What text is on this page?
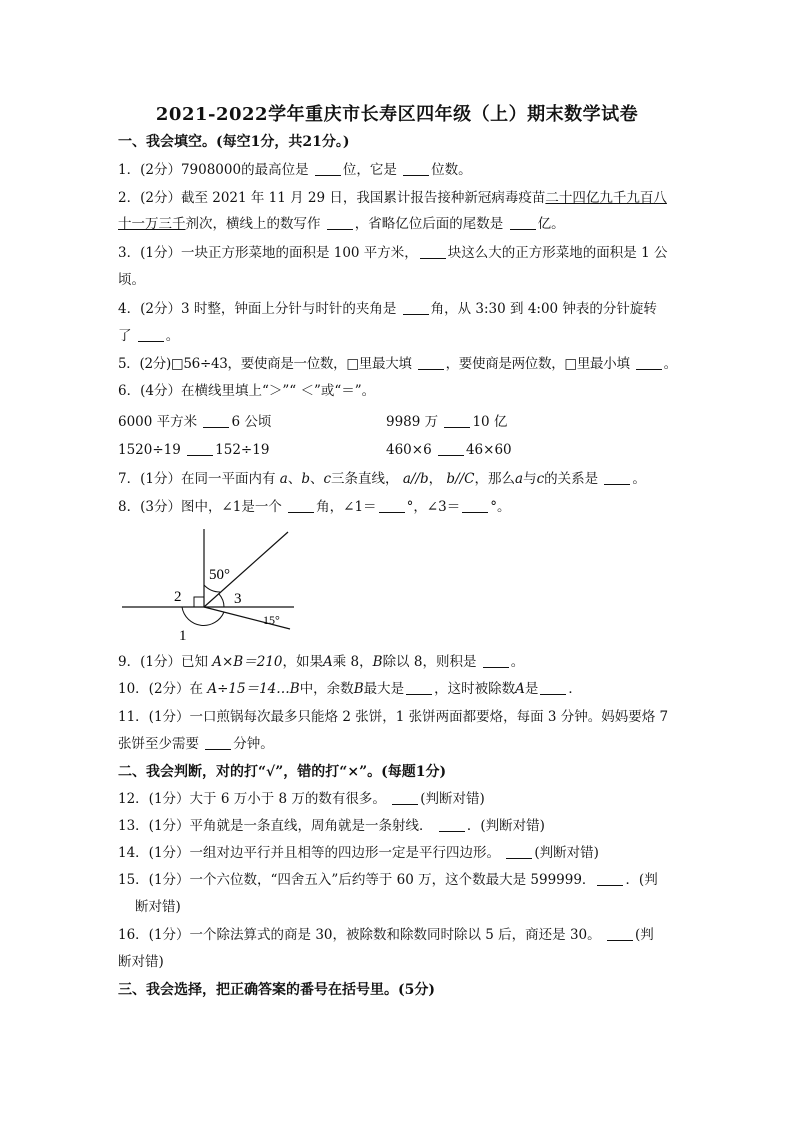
2021-2022学年重庆市长寿区四年级（上）期末数学试卷
一、我会填空。(每空1分，共21分。)
1．(2分）7908000的最高位是	位，它是	位数。
2．(2分）截至 2021 年 11 月 29 日，我国累计报告接种新冠病毒疫苗二十四亿九千九百八
十一万三千剂次，横线上的数写作	，省略亿位后面的尾数是	亿。
3．(1分）一块正方形菜地的面积是 100 平方米， 块这么大的正方形菜地的面积是 1 公
顷。
4．(2分）3 时整，钟面上分针与时针的夹角是	角，从 3:30 到 4:00 钟表的分针旋转
了	。
5．(2分)□56÷43，要使商是一位数，□里最大填	，要使商是两位数，□里最小填	。
6．(4分）在横线里填上“＞”“ ＜”或“＝”。
6000 平方米	6 公顷	9989 万	10 亿
1520÷19	152÷19	460×6	46×60
7．(1分）在同一平面内有 a、b、c三条直线， a//b， b//C，那么a与c的关系是	。
8．(3分）图中，∠1是一个	角，∠1＝ °，∠3＝ °。
50°
15°
2	3
1
9．(1分）已知 A×B＝210，如果A乘 8，B除以 8，则积是	。
10．(2分）在 A÷15＝14…B中，余数B最大是 ，这时被除数A是 ．
11．(1分）一口煎锅每次最多只能烙 2 张饼，1 张饼两面都要烙，每面 3 分钟。妈妈要烙 7
张饼至少需要	分钟。
二、我会判断，对的打“√”，错的打“×”。(每题1分)
12．(1分）大于 6 万小于 8 万的数有很多。	(判断对错)
13．(1分）平角就是一条直线，周角就是一条射线．	．(判断对错)
14．(1分）一组对边平行并且相等的四边形一定是平行四边形。	(判断对错)
15．(1分）一个六位数，“四舍五入”后约等于 60 万，这个数最大是 599999． ．(判
断对错)
16．(1分）一个除法算式的商是 30，被除数和除数同时除以 5 后，商还是 30。	(判
断对错)
三、我会选择，把正确答案的番号在括号里。(5分)
